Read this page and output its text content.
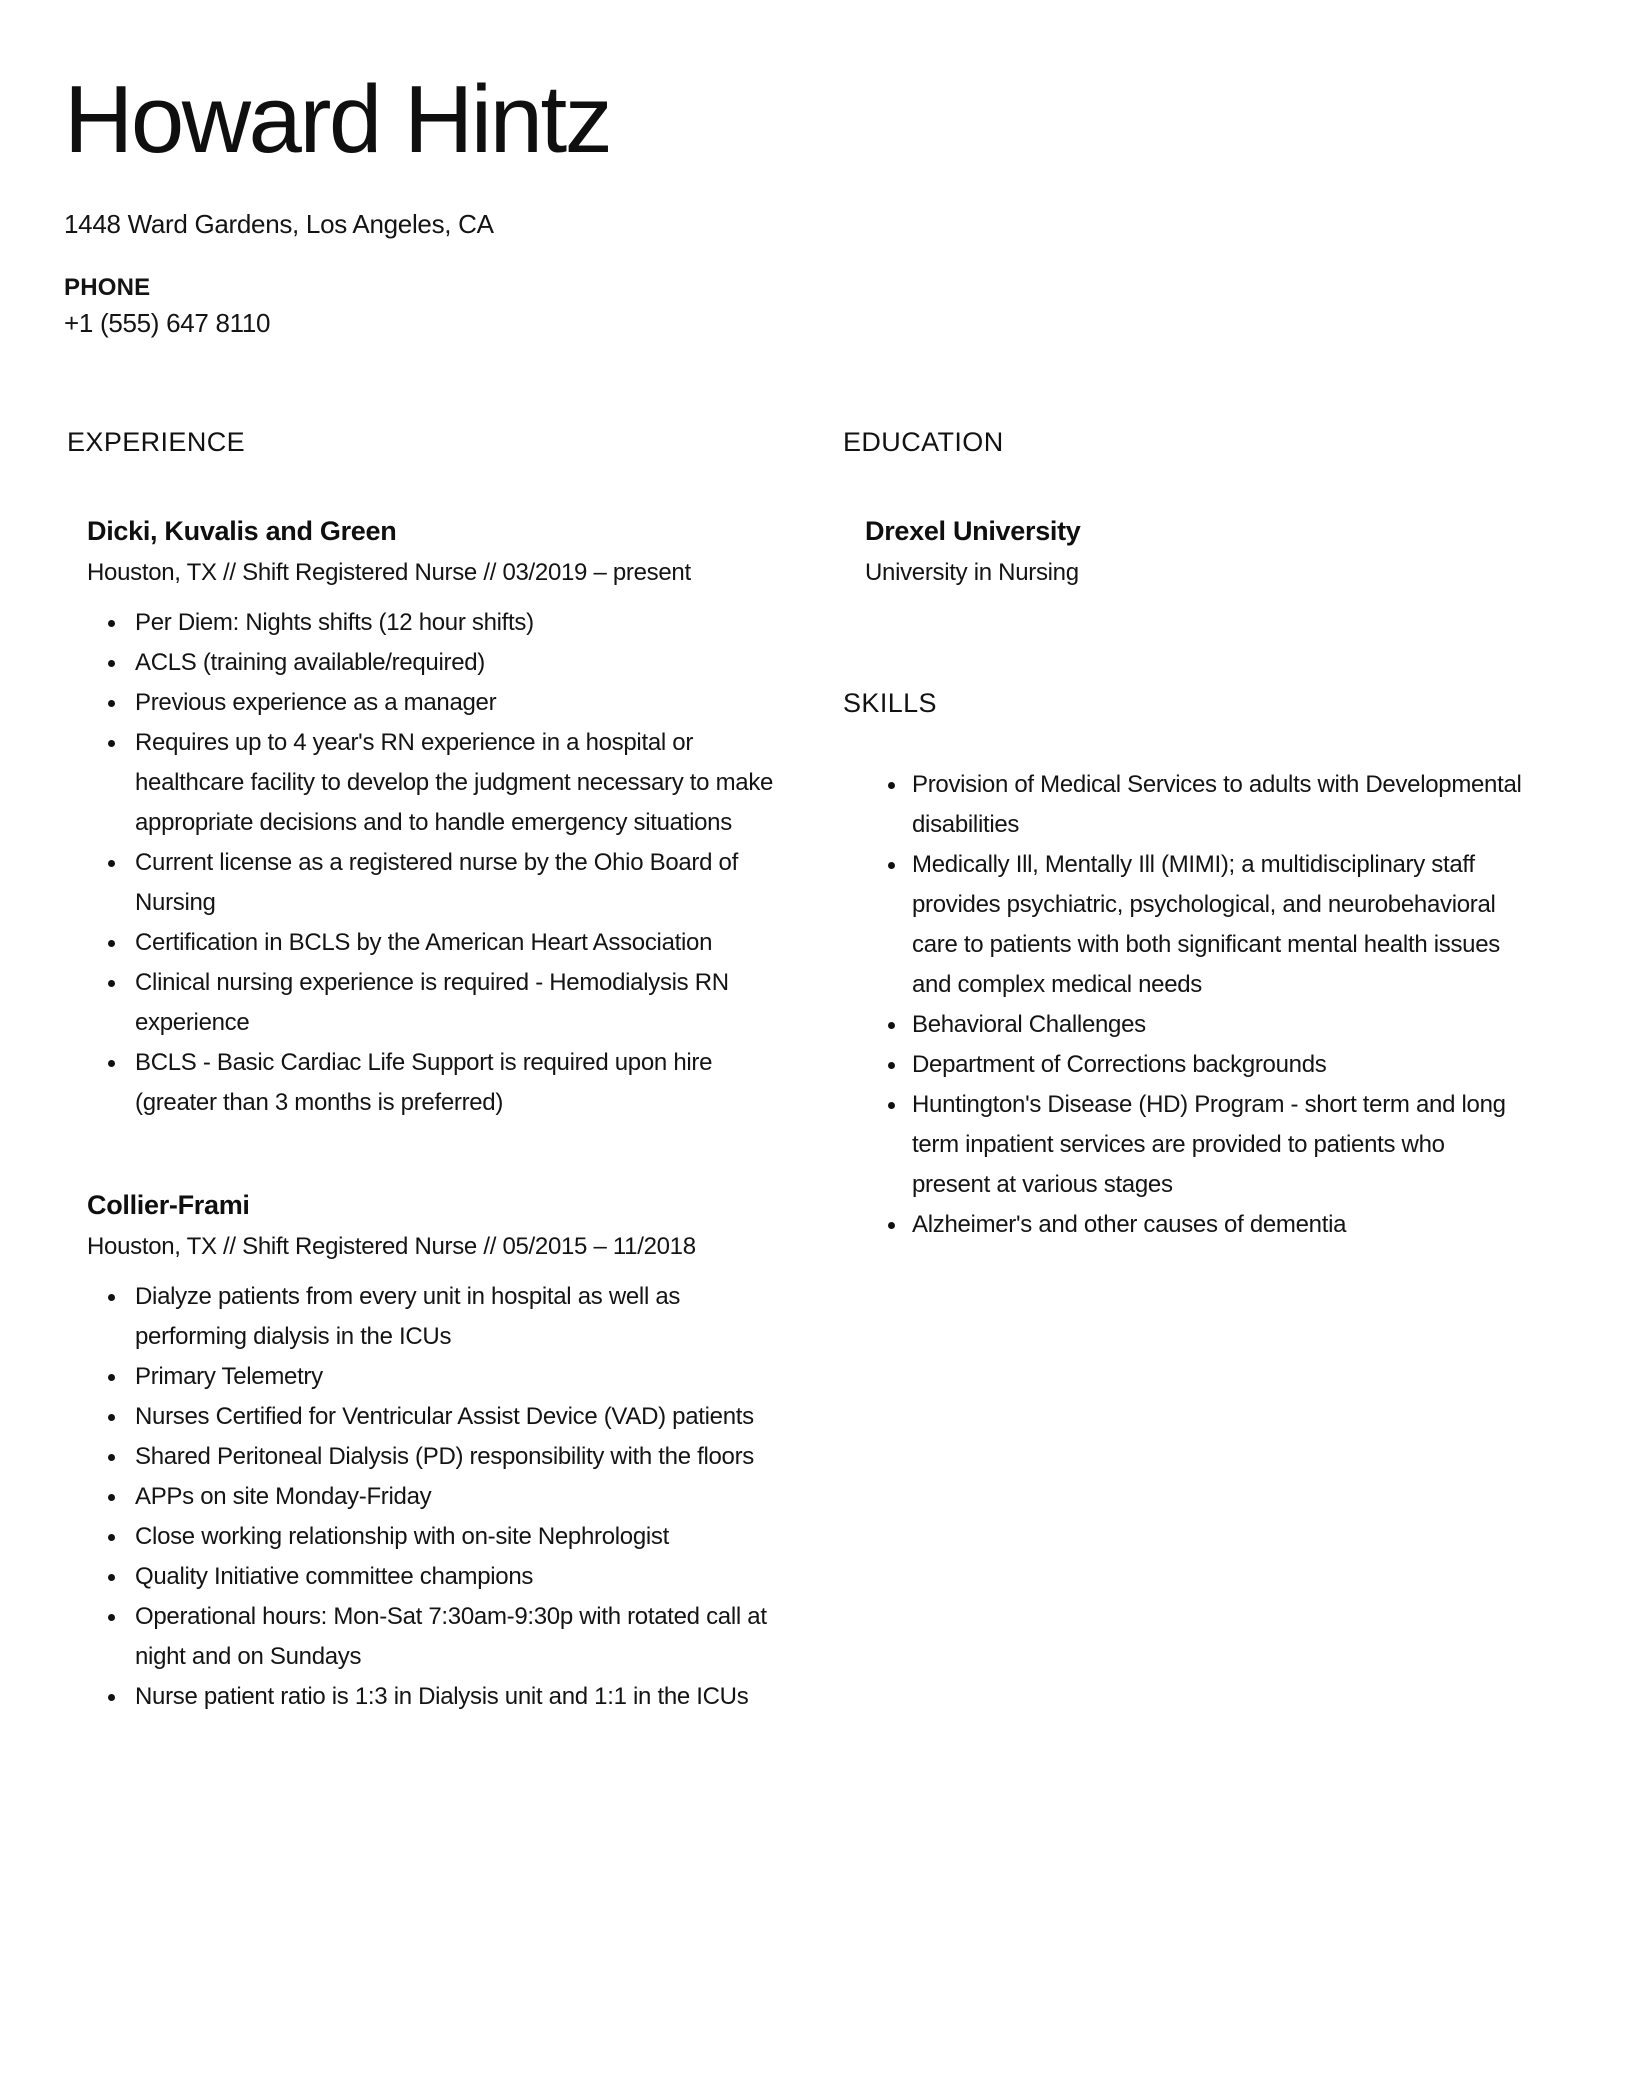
Howard Hintz
1448 Ward Gardens, Los Angeles, CA
PHONE
+1 (555) 647 8110
EXPERIENCE
Dicki, Kuvalis and Green
Houston, TX // Shift Registered Nurse // 03/2019 – present
Per Diem: Nights shifts (12 hour shifts)
ACLS (training available/required)
Previous experience as a manager
Requires up to 4 year's RN experience in a hospital or healthcare facility to develop the judgment necessary to make appropriate decisions and to handle emergency situations
Current license as a registered nurse by the Ohio Board of Nursing
Certification in BCLS by the American Heart Association
Clinical nursing experience is required - Hemodialysis RN experience
BCLS - Basic Cardiac Life Support is required upon hire (greater than 3 months is preferred)
Collier-Frami
Houston, TX // Shift Registered Nurse // 05/2015 – 11/2018
Dialyze patients from every unit in hospital as well as performing dialysis in the ICUs
Primary Telemetry
Nurses Certified for Ventricular Assist Device (VAD) patients
Shared Peritoneal Dialysis (PD) responsibility with the floors
APPs on site Monday-Friday
Close working relationship with on-site Nephrologist
Quality Initiative committee champions
Operational hours: Mon-Sat 7:30am-9:30p with rotated call at night and on Sundays
Nurse patient ratio is 1:3 in Dialysis unit and 1:1 in the ICUs
EDUCATION
Drexel University
University in Nursing
SKILLS
Provision of Medical Services to adults with Developmental disabilities
Medically Ill, Mentally Ill (MIMI); a multidisciplinary staff provides psychiatric, psychological, and neurobehavioral care to patients with both significant mental health issues and complex medical needs
Behavioral Challenges
Department of Corrections backgrounds
Huntington's Disease (HD) Program - short term and long term inpatient services are provided to patients who present at various stages
Alzheimer's and other causes of dementia
